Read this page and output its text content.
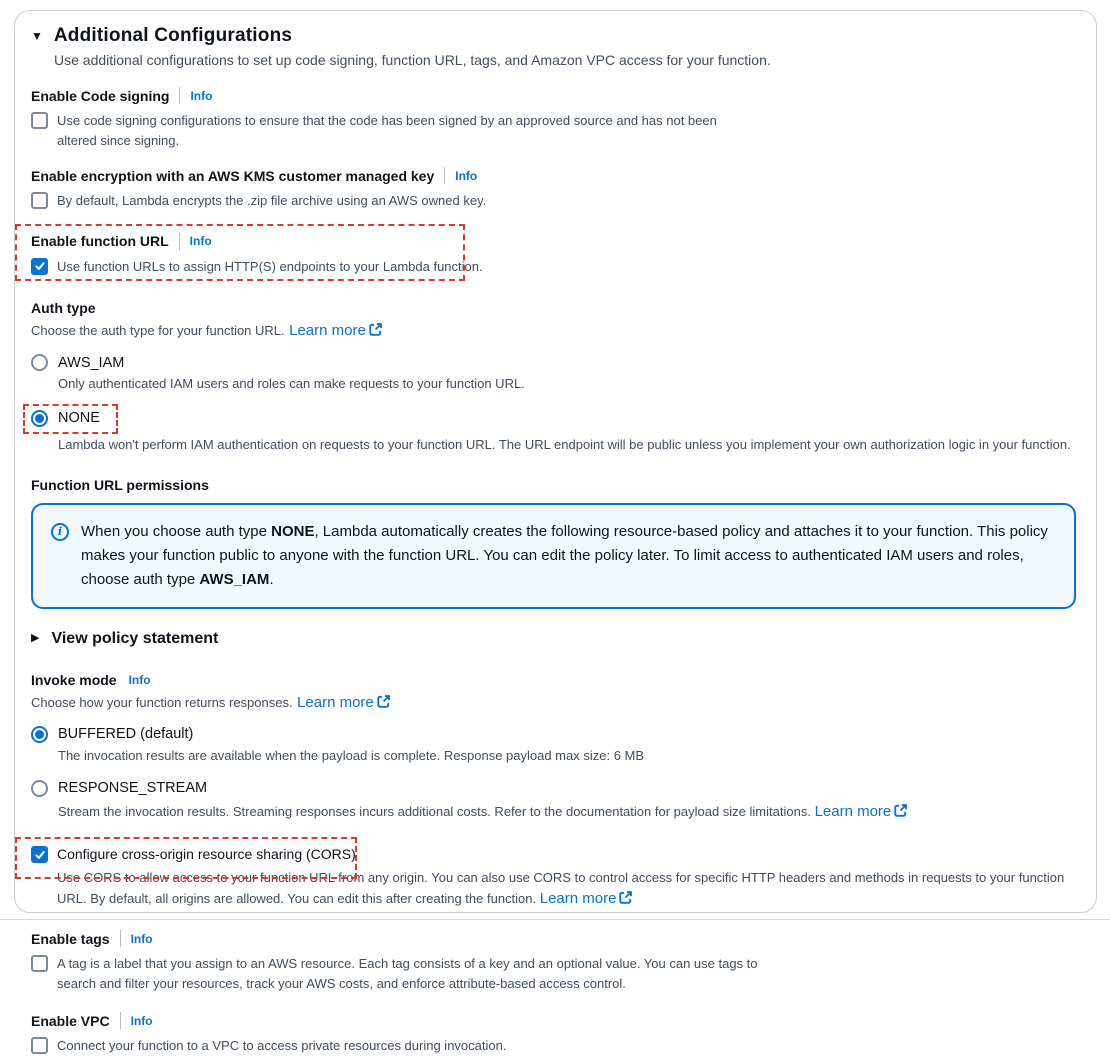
▼ Additional Configurations
Use additional configurations to set up code signing, function URL, tags, and Amazon VPC access for your function.
Enable Code signing Info
Use code signing configurations to ensure that the code has been signed by an approved source and has not been altered since signing.
Enable encryption with an AWS KMS customer managed key Info
By default, Lambda encrypts the .zip file archive using an AWS owned key.
Enable function URL Info
Use function URLs to assign HTTP(S) endpoints to your Lambda function.
Auth type
Choose the auth type for your function URL. Learn more
AWS_IAM
Only authenticated IAM users and roles can make requests to your function URL.
NONE
Lambda won't perform IAM authentication on requests to your function URL. The URL endpoint will be public unless you implement your own authorization logic in your function.
Function URL permissions
i	When you choose auth type NONE, Lambda automatically creates the following resource-based policy and attaches it to your function. This policy makes your function public to anyone with the function URL. You can edit the policy later. To limit access to authenticated IAM users and roles, choose auth type AWS_IAM.
▶ View policy statement
Invoke mode Info
Choose how your function returns responses. Learn more
BUFFERED (default)
The invocation results are available when the payload is complete. Response payload max size: 6 MB
RESPONSE_STREAM
Stream the invocation results. Streaming responses incurs additional costs. Refer to the documentation for payload size limitations. Learn more
Configure cross-origin resource sharing (CORS)
Use CORS to allow access to your function URL from any origin. You can also use CORS to control access for specific HTTP headers and methods in requests to your function URL. By default, all origins are allowed. You can edit this after creating the function. Learn more
Enable tags Info
A tag is a label that you assign to an AWS resource. Each tag consists of a key and an optional value. You can use tags to search and filter your resources, track your AWS costs, and enforce attribute-based access control.
Enable VPC Info
Connect your function to a VPC to access private resources during invocation.
